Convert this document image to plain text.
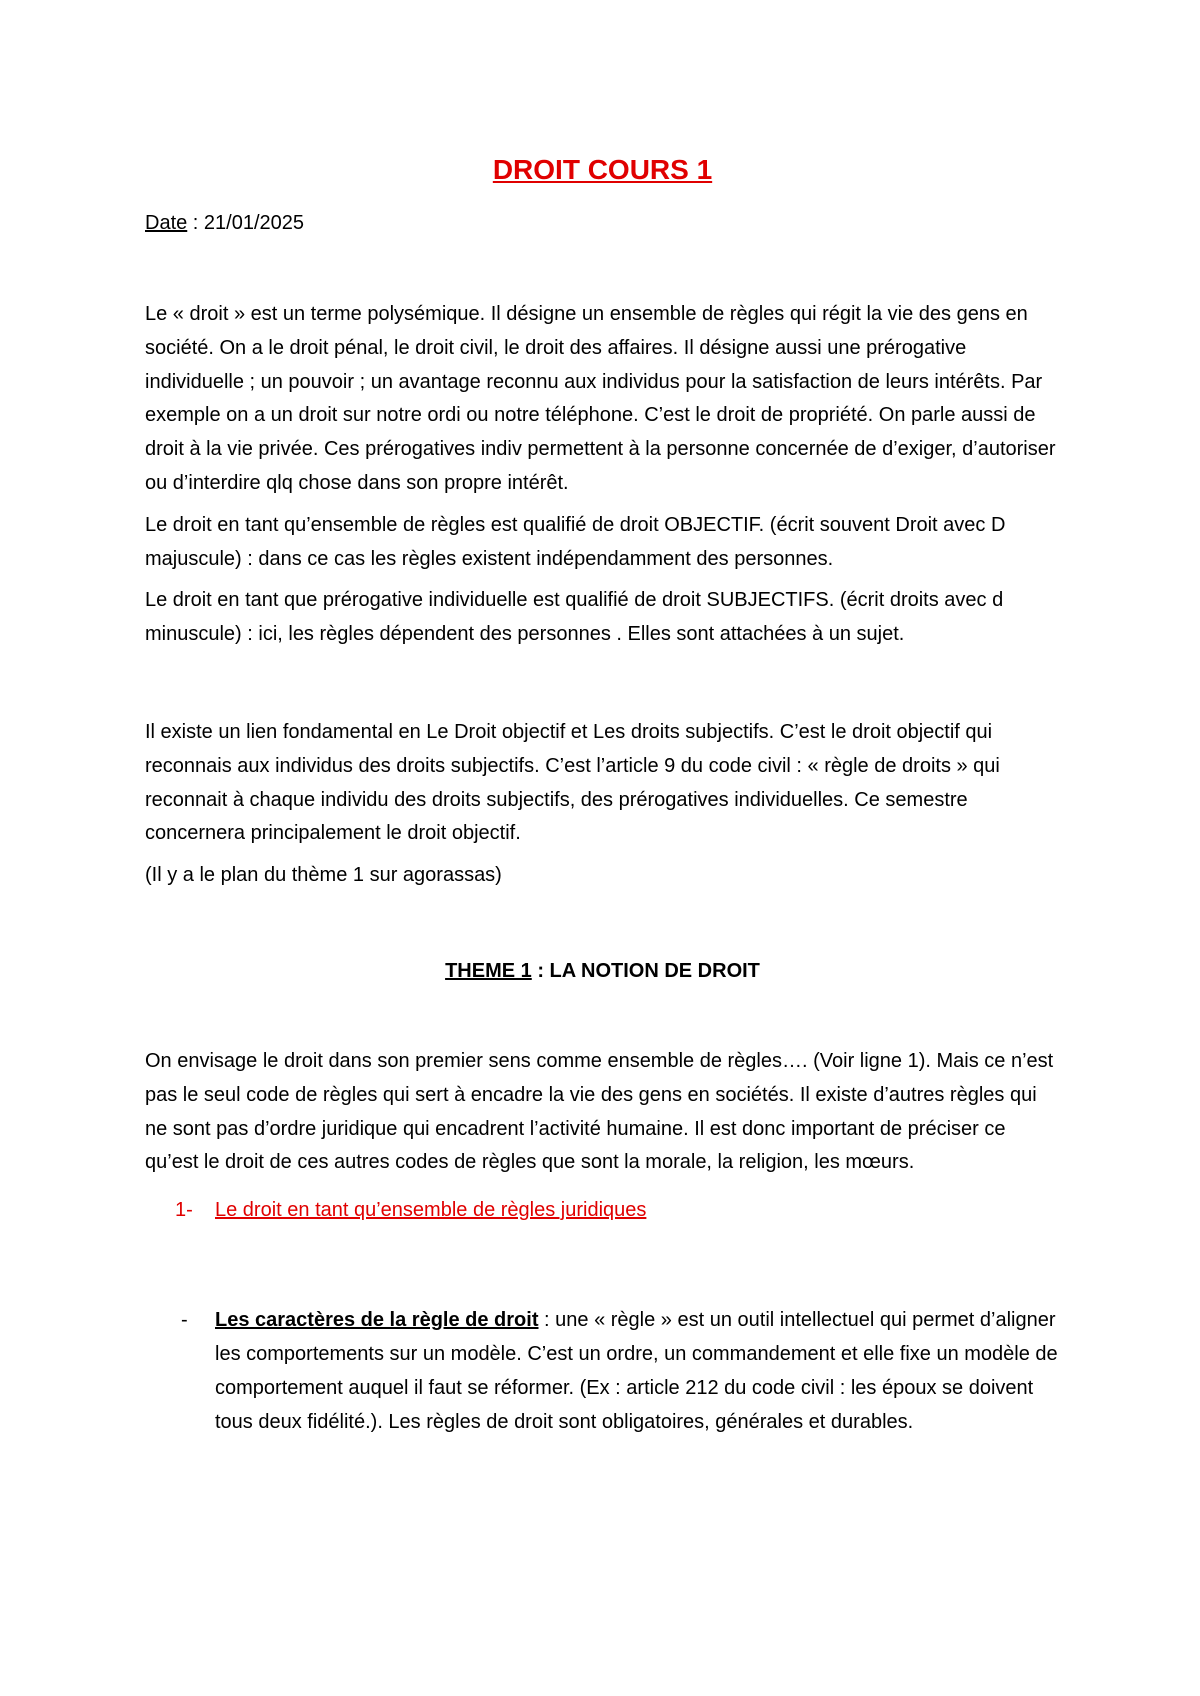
DROIT COURS 1
Date : 21/01/2025

Le « droit » est un terme polysémique. Il désigne un ensemble de règles qui régit la vie des gens en société. On a le droit pénal, le droit civil, le droit des affaires. Il désigne aussi une prérogative individuelle ; un pouvoir ; un avantage reconnu aux individus pour la satisfaction de leurs intérêts. Par exemple on a un droit sur notre ordi ou notre téléphone. C’est le droit de propriété. On parle aussi de droit à la vie privée. Ces prérogatives indiv permettent à la personne concernée de d’exiger, d’autoriser ou d’interdire qlq chose dans son propre intérêt.

Le droit en tant qu’ensemble de règles est qualifié de droit OBJECTIF. (écrit souvent Droit avec D majuscule) : dans ce cas les règles existent indépendamment des personnes.

Le droit en tant que prérogative individuelle est qualifié de droit SUBJECTIFS. (écrit droits avec d minuscule) : ici, les règles dépendent des personnes . Elles sont attachées à un sujet.

Il existe un lien fondamental en Le Droit objectif et Les droits subjectifs. C’est le droit objectif qui reconnais aux individus des droits subjectifs. C’est l’article 9 du code civil : « règle de droits » qui reconnait à chaque individu des droits subjectifs, des prérogatives individuelles. Ce semestre concernera principalement le droit objectif.

(Il y a le plan du thème 1 sur agorassas)

THEME 1 : LA NOTION DE DROIT

On envisage le droit dans son premier sens comme ensemble de règles…. (Voir ligne 1). Mais ce n’est pas le seul code de règles qui sert à encadre la vie des gens en sociétés. Il existe d’autres règles qui ne sont pas d’ordre juridique qui encadrent l’activité humaine. Il est donc important de préciser ce qu’est le droit de ces autres codes de règles que sont la morale, la religion, les mœurs.

1-	Le droit en tant qu’ensemble de règles juridiques
-	Les caractères de la règle de droit : une « règle » est un outil intellectuel qui permet d’aligner les comportements sur un modèle. C’est un ordre, un commandement et elle fixe un modèle de comportement auquel il faut se réformer. (Ex : article 212 du code civil : les époux se doivent tous deux fidélité.). Les règles de droit sont obligatoires, générales et durables.
